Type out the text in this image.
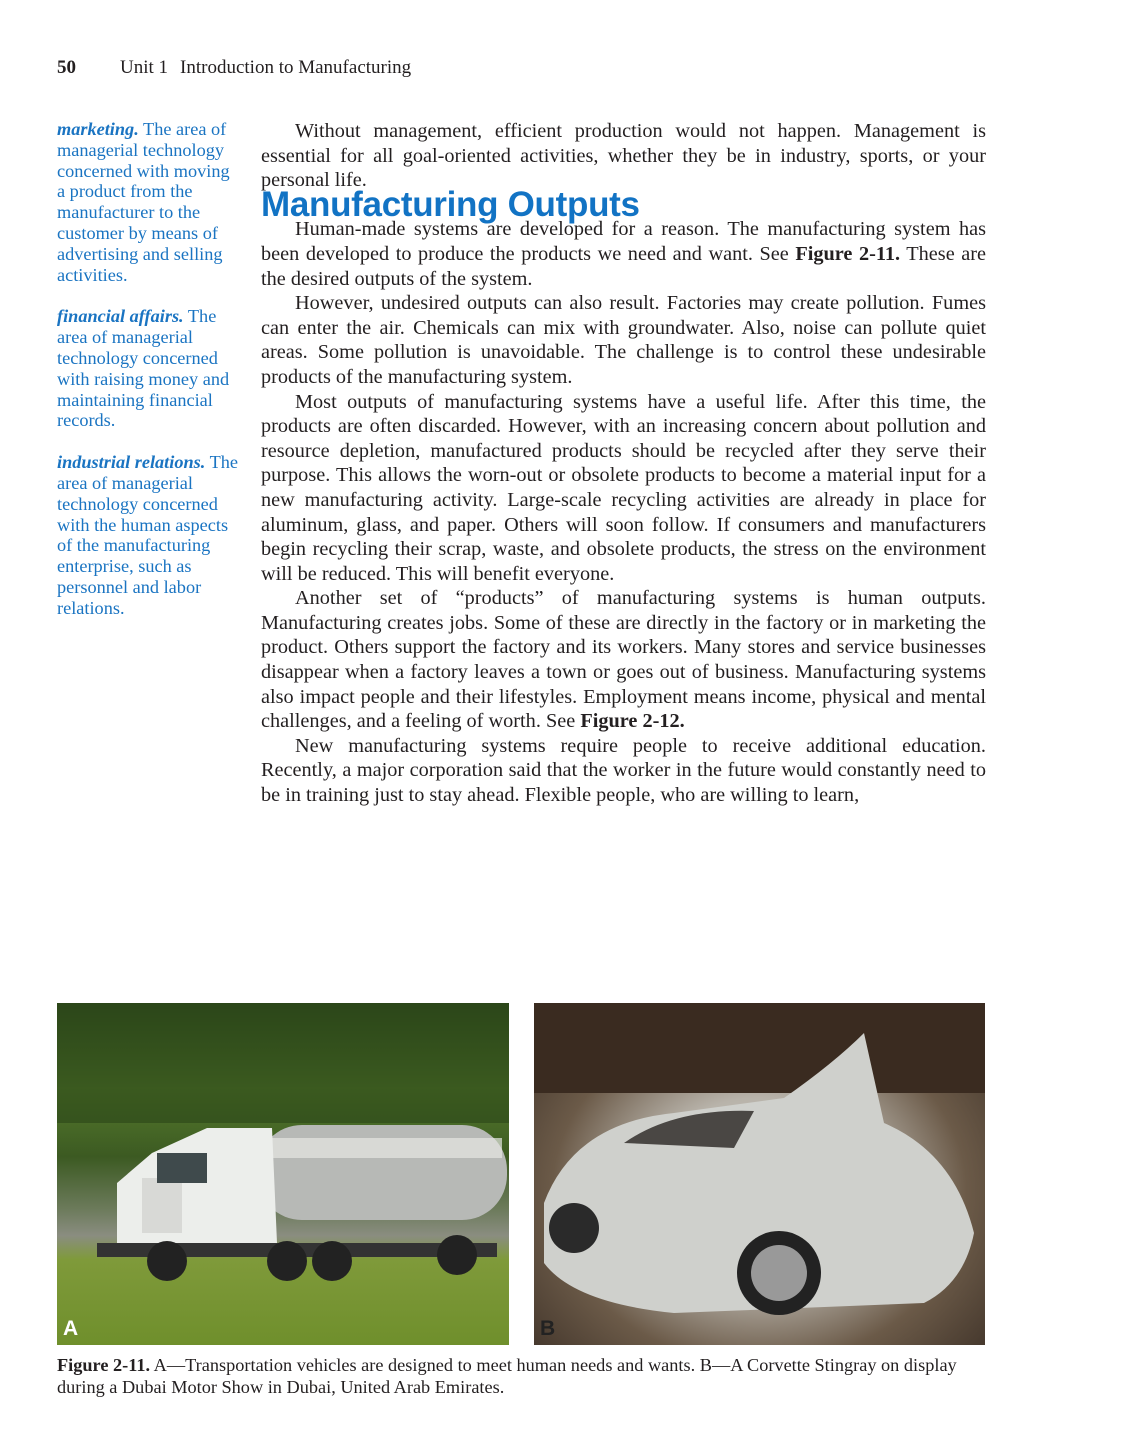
50 Unit 1 Introduction to Manufacturing
marketing. The area of managerial technology concerned with moving a product from the manufacturer to the customer by means of advertising and selling activities.
financial affairs. The area of managerial technology concerned with raising money and maintaining financial records.
industrial relations. The area of managerial technology concerned with the human aspects of the manufacturing enterprise, such as personnel and labor relations.

Without management, efficient production would not happen. Management is essential for all goal-oriented activities, whether they be in industry, sports, or your personal life.

Manufacturing Outputs

Human-made systems are developed for a reason. The manufacturing system has been developed to produce the products we need and want. See Figure 2-11. These are the desired outputs of the system.

However, undesired outputs can also result. Factories may create pollution. Fumes can enter the air. Chemicals can mix with groundwater. Also, noise can pollute quiet areas. Some pollution is unavoidable. The challenge is to control these undesirable products of the manufacturing system.

Most outputs of manufacturing systems have a useful life. After this time, the products are often discarded. However, with an increasing concern about pollution and resource depletion, manufactured products should be recycled after they serve their purpose. This allows the worn-out or obsolete products to become a material input for a new manufacturing activity. Large-scale recycling activities are already in place for aluminum, glass, and paper. Others will soon follow. If consumers and manufacturers begin recycling their scrap, waste, and obsolete products, the stress on the environment will be reduced. This will benefit everyone.

Another set of “products” of manufacturing systems is human outputs. Manufacturing creates jobs. Some of these are directly in the factory or in marketing the product. Others support the factory and its workers. Many stores and service businesses disappear when a factory leaves a town or goes out of business. Manufacturing systems also impact people and their lifestyles. Employment means income, physical and mental challenges, and a feeling of worth. See Figure 2-12.

New manufacturing systems require people to receive additional education. Recently, a major corporation said that the worker in the future would constantly need to be in training just to stay ahead. Flexible people, who are willing to learn,

A	B
Figure 2-11. A—Transportation vehicles are designed to meet human needs and wants. B—A Corvette Stingray on display during a Dubai Motor Show in Dubai, United Arab Emirates.
